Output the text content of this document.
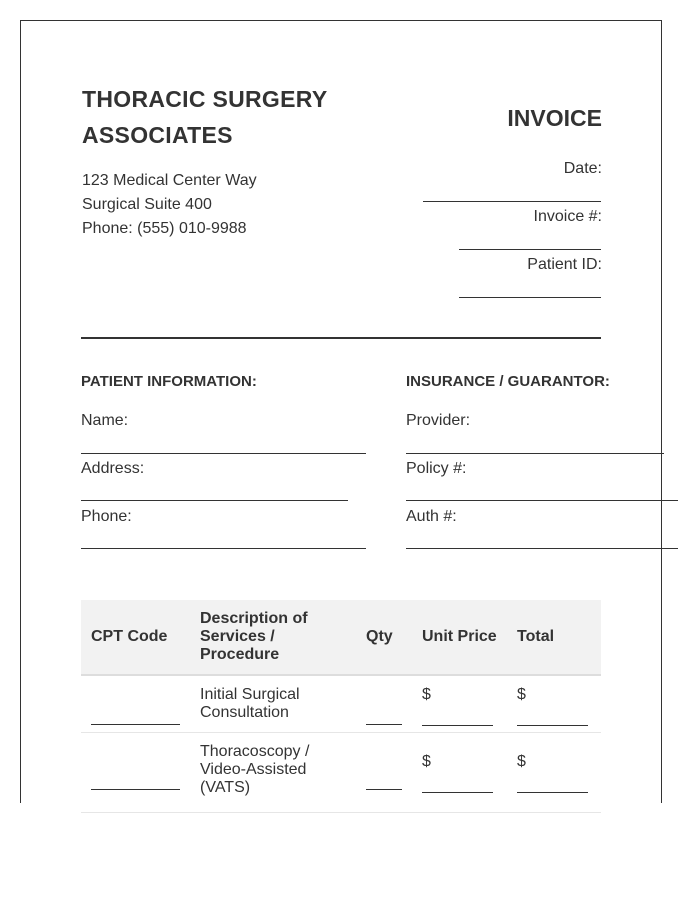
THORACIC SURGERY ASSOCIATES
123 Medical Center Way
Surgical Suite 400
Phone: (555) 010-9988
INVOICE
Date:
Invoice #:
Patient ID:
PATIENT INFORMATION:
Name:
Address:
Phone:
INSURANCE / GUARANTOR:
Provider:
Policy #:
Auth #:
CPT Code	Description of Services / Procedure	Qty	Unit Price	Total

	Initial Surgical Consultation		$	$

	Thoracoscopy / Video-Assisted (VATS)		$	$
